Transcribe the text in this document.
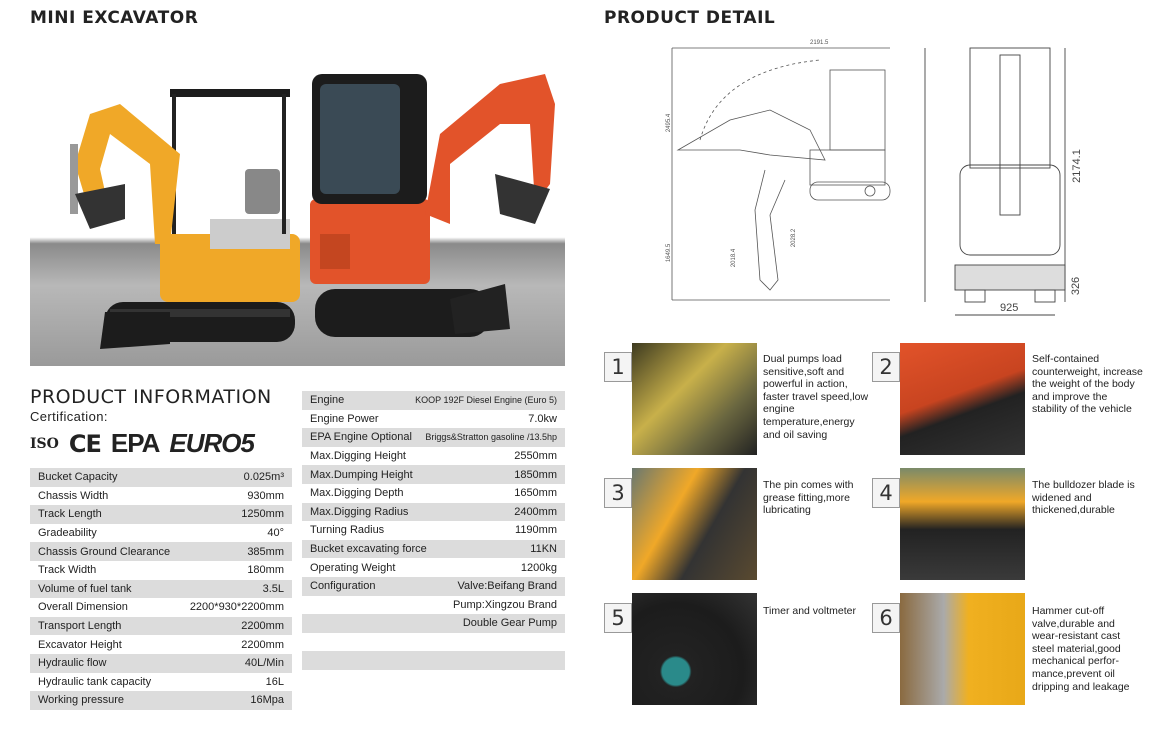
MINI EXCAVATOR	PRODUCT DETAIL
PRODUCT INFORMATION
Certification:
ISO CE EPA EURO5
Bucket Capacity	0.025m³
Chassis Width	930mm
Track Length	1250mm
Gradeability	40°
Chassis Ground Clearance	385mm
Track Width	180mm
Volume of fuel tank	3.5L
Overall Dimension	2200*930*2200mm
Transport Length	2200mm
Excavator Height	2200mm
Hydraulic flow	40L/Min
Hydraulic tank capacity	16L
Working pressure	16Mpa
Engine	KOOP 192F Diesel Engine (Euro 5)
Engine Power	7.0kw
EPA Engine Optional Briggs&Stratton gasoline /13.5hp
Max.Digging Height	2550mm
Max.Dumping Height	1850mm
Max.Digging Depth	1650mm
Max.Digging Radius	2400mm
Turning Radius	1190mm
Bucket excavating force	11KN
Operating Weight	1200kg
Configuration	Valve:Beifang Brand
Pump:Xingzou Brand
Double Gear Pump
2191.5
2495.4
1649.5	2018.4
2028.2
2174.1
925
326
1	Dual pumps load sensitive,soft and powerful in action, faster travel speed,low engine temperature,energy and oil saving
2	Self-contained counterweight, increase the weight of the body and improve the stability of the vehicle
3	The pin comes with grease fitting,more lubricating
4	The bulldozer blade is widened and thickened,durable
5	Timer and voltmeter	6	Hammer cut-off valve,durable and wear-resistant cast steel material,good mechanical perfor-mance,prevent oil dripping and leakage
